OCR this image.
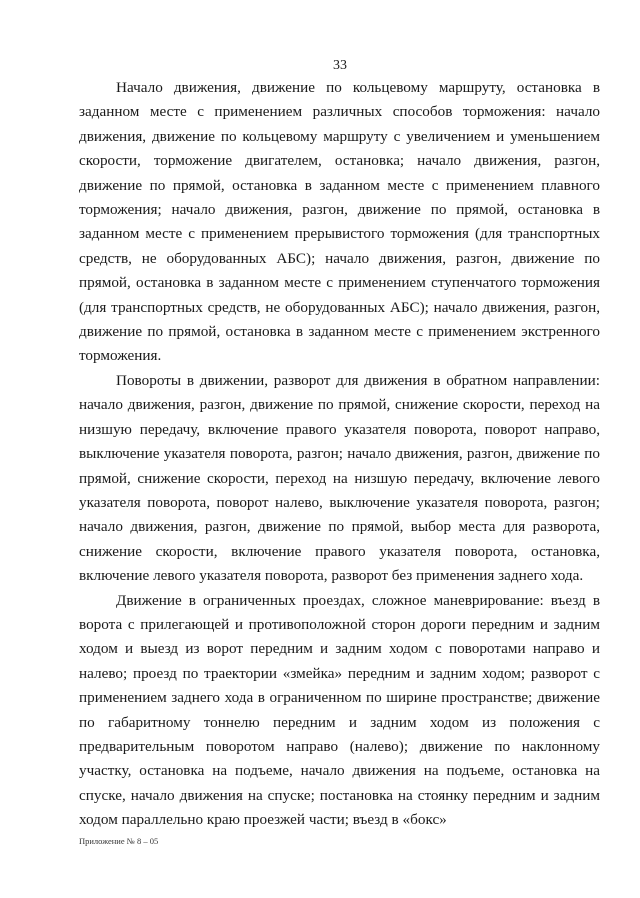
33

Начало движения, движение по кольцевому маршруту, остановка в заданном месте с применением различных способов торможения: начало движения, движение по кольцевому маршруту с увеличением и уменьшением скорости, торможение двигателем, остановка; начало движения, разгон, движение по прямой, остановка в заданном месте с применением плавного торможения; начало движения, разгон, движение по прямой, остановка в заданном месте с применением прерывистого торможения (для транспортных средств, не оборудованных АБС); начало движения, разгон, движение по прямой, остановка в заданном месте с применением ступенчатого торможения (для транспортных средств, не оборудованных АБС); начало движения, разгон, движение по прямой, остановка в заданном месте с применением экстренного торможения.

Повороты в движении, разворот для движения в обратном направлении: начало движения, разгон, движение по прямой, снижение скорости, переход на низшую передачу, включение правого указателя поворота, поворот направо, выключение указателя поворота, разгон; начало движения, разгон, движение по прямой, снижение скорости, переход на низшую передачу, включение левого указателя поворота, поворот налево, выключение указателя поворота, разгон; начало движения, разгон, движение по прямой, выбор места для разворота, снижение скорости, включение правого указателя поворота, остановка, включение левого указателя поворота, разворот без применения заднего хода.

Движение в ограниченных проездах, сложное маневрирование: въезд в ворота с прилегающей и противоположной сторон дороги передним и задним ходом и выезд из ворот передним и задним ходом с поворотами направо и налево; проезд по траектории «змейка» передним и задним ходом; разворот с применением заднего хода в ограниченном по ширине пространстве; движение по габаритному тоннелю передним и задним ходом из положения с предварительным поворотом направо (налево); движение по наклонному участку, остановка на подъеме, начало движения на подъеме, остановка на спуске, начало движения на спуске; постановка на стоянку передним и задним ходом параллельно краю проезжей части; въезд в «бокс»

Приложение № 8 – 05
